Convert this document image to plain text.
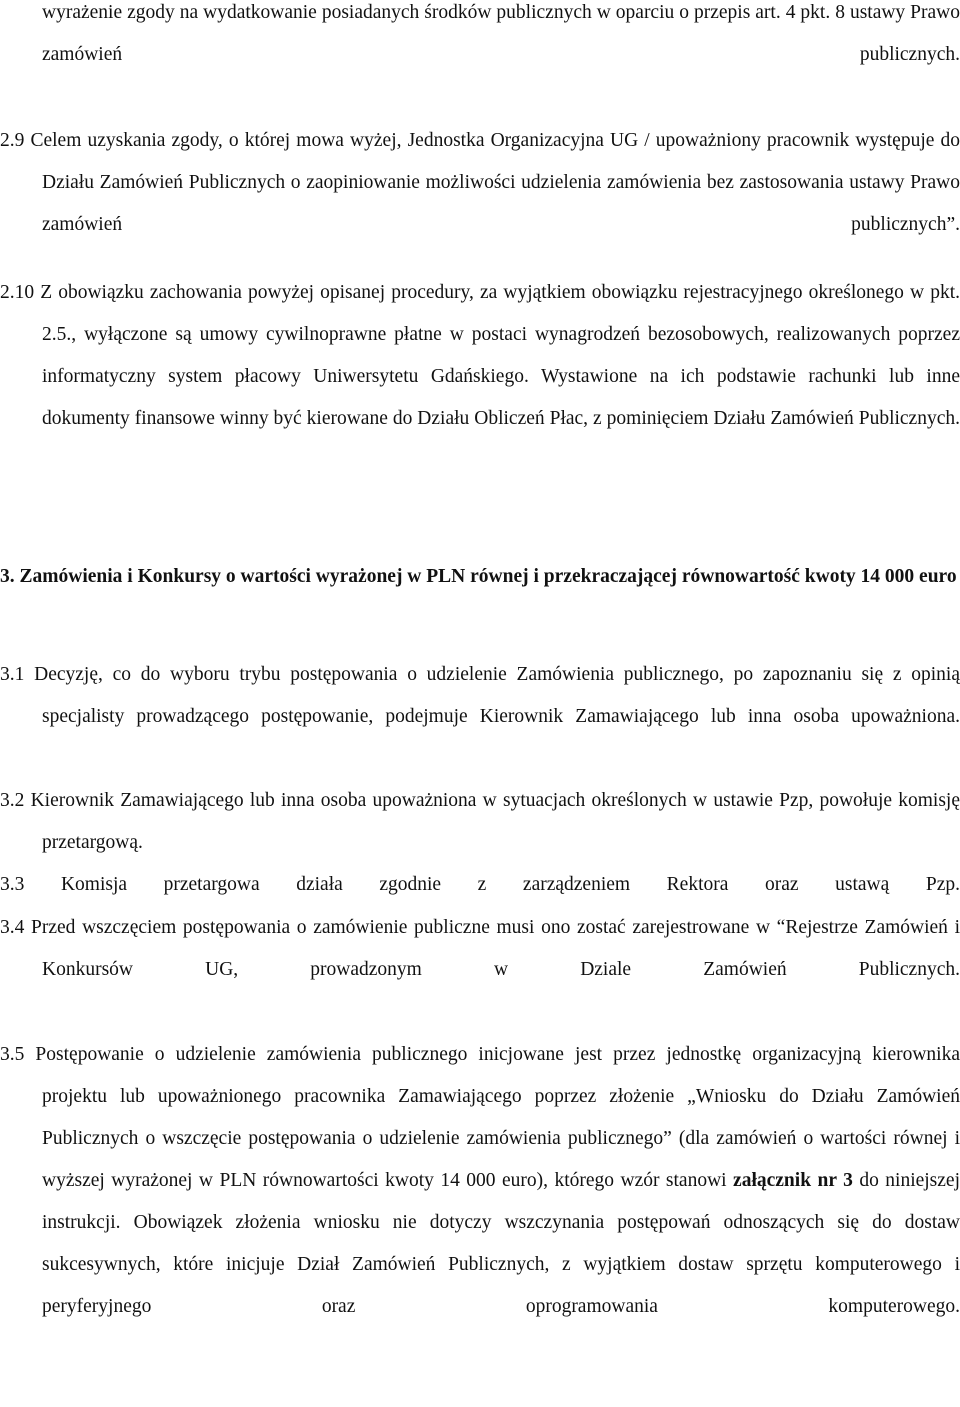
wyrażenie zgody na wydatkowanie posiadanych środków publicznych w oparciu o przepis art. 4 pkt. 8 ustawy Prawo zamówień publicznych.

2.9 Celem uzyskania zgody, o której mowa wyżej, Jednostka Organizacyjna UG / upoważniony pracownik występuje do Działu Zamówień Publicznych o zaopiniowanie możliwości udzielenia zamówienia bez zastosowania ustawy Prawo zamówień publicznych”.

2.10 Z obowiązku zachowania powyżej opisanej procedury, za wyjątkiem obowiązku rejestracyjnego określonego w pkt. 2.5., wyłączone są umowy cywilnoprawne płatne w postaci wynagrodzeń bezosobowych, realizowanych poprzez informatyczny system płacowy Uniwersytetu Gdańskiego. Wystawione na ich podstawie rachunki lub inne dokumenty finansowe winny być kierowane do Działu Obliczeń Płac, z pominięciem Działu Zamówień Publicznych.

3. Zamówienia i Konkursy o wartości wyrażonej w PLN równej i przekraczającej równowartość kwoty 14 000 euro

3.1 Decyzję, co do wyboru trybu postępowania o udzielenie Zamówienia publicznego, po zapoznaniu się z opinią specjalisty prowadzącego postępowanie, podejmuje Kierownik Zamawiającego lub inna osoba upoważniona.

3.2 Kierownik Zamawiającego lub inna osoba upoważniona w sytuacjach określonych w ustawie Pzp, powołuje komisję przetargową.

3.3 Komisja przetargowa działa zgodnie z zarządzeniem Rektora oraz ustawą Pzp.

3.4 Przed wszczęciem postępowania o zamówienie publiczne musi ono zostać zarejestrowane w “Rejestrze Zamówień i Konkursów UG, prowadzonym w Dziale Zamówień Publicznych.

3.5 Postępowanie o udzielenie zamówienia publicznego inicjowane jest przez jednostkę organizacyjną kierownika projektu lub upoważnionego pracownika Zamawiającego poprzez złożenie „Wniosku do Działu Zamówień Publicznych o wszczęcie postępowania o udzielenie zamówienia publicznego” (dla zamówień o wartości równej i wyższej wyrażonej w PLN równowartości kwoty 14 000 euro), którego wzór stanowi załącznik nr 3 do niniejszej instrukcji. Obowiązek złożenia wniosku nie dotyczy wszczynania postępowań odnoszących się do dostaw sukcesywnych, które inicjuje Dział Zamówień Publicznych, z wyjątkiem dostaw sprzętu komputerowego i peryferyjnego oraz oprogramowania komputerowego.
